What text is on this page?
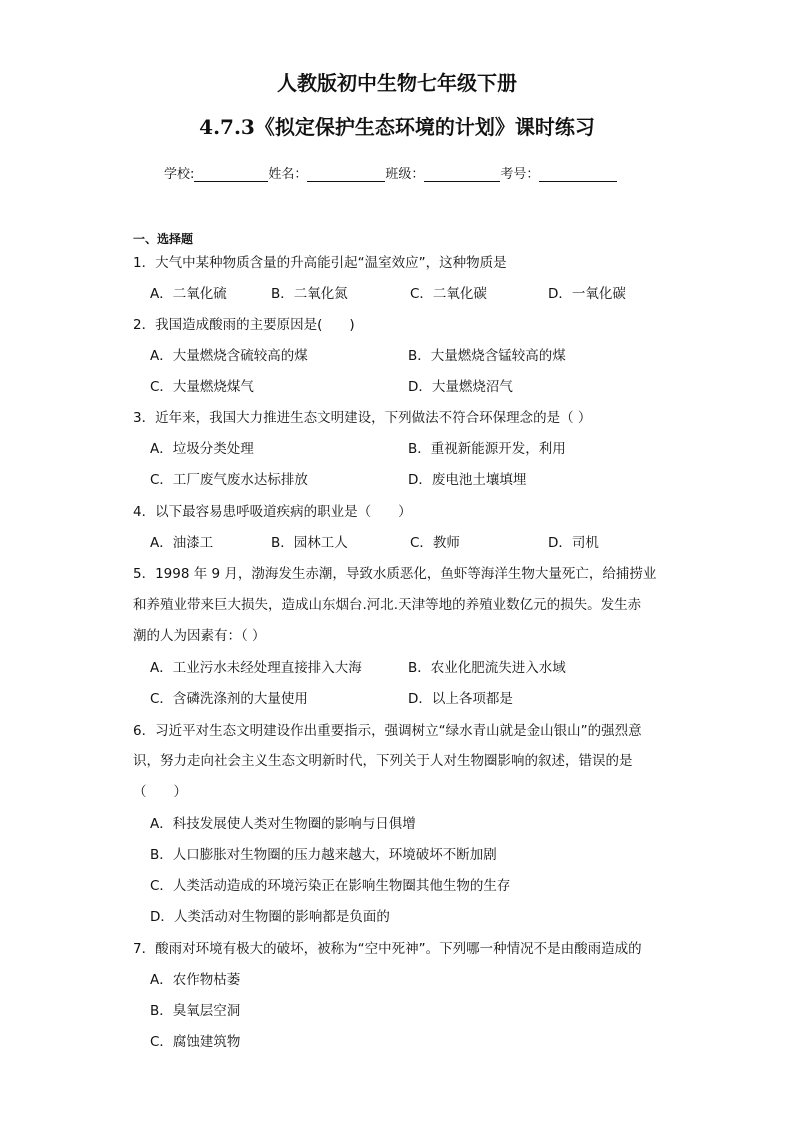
人教版初中生物七年级下册
4.7.3《拟定保护生态环境的计划》课时练习
学校:	姓名：	班级：	考号：
一、选择题
1．大气中某种物质含量的升高能引起“温室效应”，这种物质是
A．二氧化硫	B．二氧化氮	C．二氧化碳	D．一氧化碳
2．我国造成酸雨的主要原因是(　　)
A．大量燃烧含硫较高的煤	B．大量燃烧含锰较高的煤
C．大量燃烧煤气	D．大量燃烧沼气
3．近年来，我国大力推进生态文明建设，下列做法不符合环保理念的是（ ）
A．垃圾分类处理	B．重视新能源开发，利用
C．工厂废气废水达标排放	D．废电池土壤填埋
4．以下最容易患呼吸道疾病的职业是（　　）
A．油漆工	B．园林工人	C．教师	D．司机
5．1998 年 9 月，渤海发生赤潮，导致水质恶化，鱼虾等海洋生物大量死亡，给捕捞业
和养殖业带来巨大损失，造成山东烟台.河北.天津等地的养殖业数亿元的损失。发生赤
潮的人为因素有：（ ）
A．工业污水未经处理直接排入大海	B．农业化肥流失进入水域
C．含磷洗涤剂的大量使用	D．以上各项都是
6．习近平对生态文明建设作出重要指示，强调树立“绿水青山就是金山银山”的强烈意
识，努力走向社会主义生态文明新时代，下列关于人对生物圈影响的叙述，错误的是
（　　）
A．科技发展使人类对生物圈的影响与日俱增
B．人口膨胀对生物圈的压力越来越大，环境破坏不断加剧
C．人类活动造成的环境污染正在影响生物圈其他生物的生存
D．人类活动对生物圈的影响都是负面的
7．酸雨对环境有极大的破坏，被称为“空中死神”。下列哪一种情况不是由酸雨造成的
A．农作物枯萎
B．臭氧层空洞
C．腐蚀建筑物
